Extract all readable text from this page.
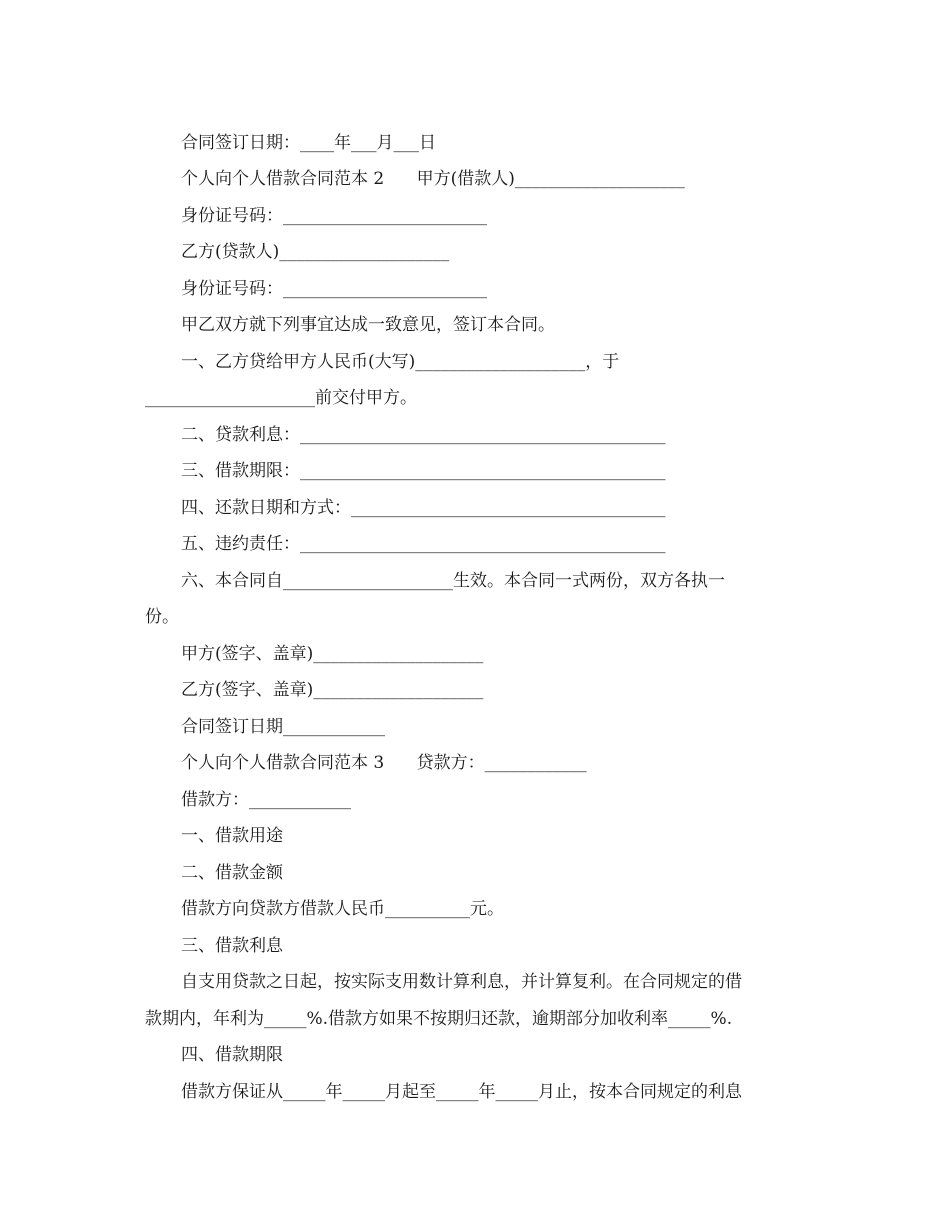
合同签订日期：____年___月___日
个人向个人借款合同范本 2      甲方(借款人)____________________
身份证号码：________________________
乙方(贷款人)____________________
身份证号码：________________________
甲乙双方就下列事宜达成一致意见，签订本合同。
一、乙方贷给甲方人民币(大写)____________________，于
____________________前交付甲方。
二、贷款利息：___________________________________________
三、借款期限：___________________________________________
四、还款日期和方式：_____________________________________
五、违约责任：___________________________________________
六、本合同自____________________生效。本合同一式两份，双方各执一
份。
甲方(签字、盖章)____________________
乙方(签字、盖章)____________________
合同签订日期____________
个人向个人借款合同范本 3      贷款方：____________
借款方：____________
一、借款用途
二、借款金额
借款方向贷款方借款人民币__________元。
三、借款利息
自支用贷款之日起，按实际支用数计算利息，并计算复利。在合同规定的借
款期内，年利为_____%.借款方如果不按期归还款，逾期部分加收利率_____%.
四、借款期限
借款方保证从_____年_____月起至_____年_____月止，按本合同规定的利息
